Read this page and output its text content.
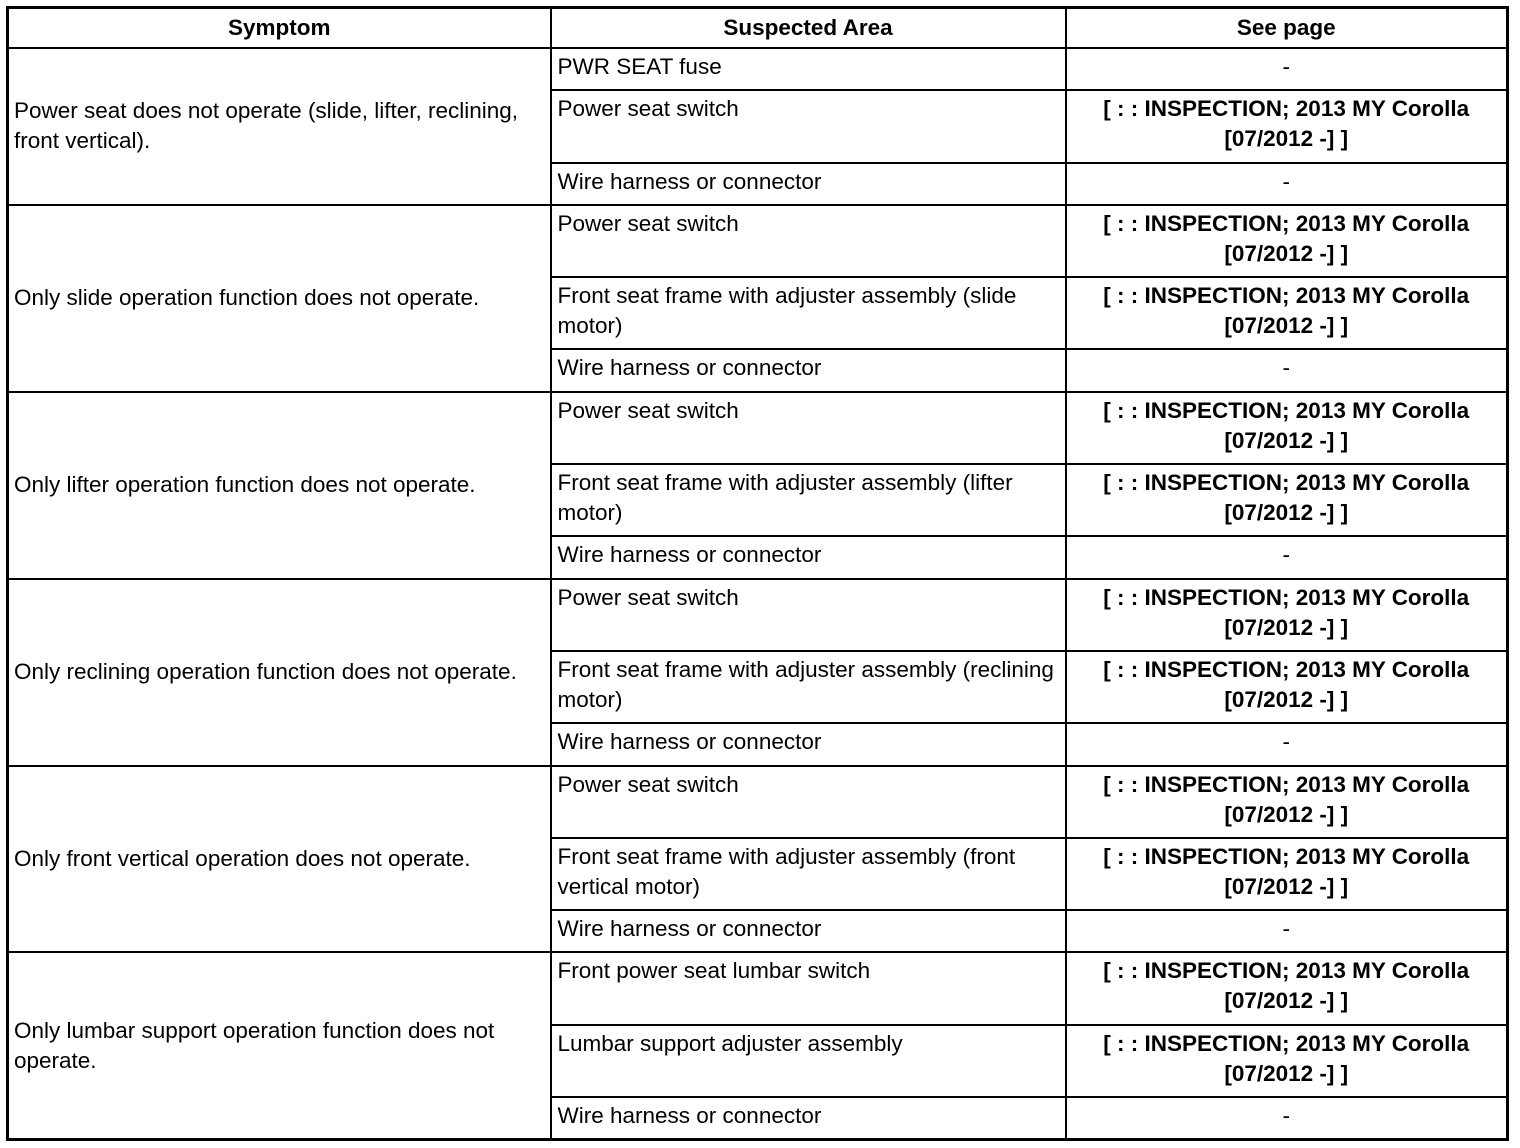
Symptom	Suspected Area	See page
Power seat does not operate (slide, lifter, reclining, front vertical).	PWR SEAT fuse	-
	Power seat switch	[ : : INSPECTION; 2013 MY Corolla [07/2012 -] ]
	Wire harness or connector	-
Only slide operation function does not operate.	Power seat switch	[ : : INSPECTION; 2013 MY Corolla [07/2012 -] ]
	Front seat frame with adjuster assembly (slide motor)	[ : : INSPECTION; 2013 MY Corolla [07/2012 -] ]
	Wire harness or connector	-
Only lifter operation function does not operate.	Power seat switch	[ : : INSPECTION; 2013 MY Corolla [07/2012 -] ]
	Front seat frame with adjuster assembly (lifter motor)	[ : : INSPECTION; 2013 MY Corolla [07/2012 -] ]
	Wire harness or connector	-
Only reclining operation function does not operate.	Power seat switch	[ : : INSPECTION; 2013 MY Corolla [07/2012 -] ]
	Front seat frame with adjuster assembly (reclining motor)	[ : : INSPECTION; 2013 MY Corolla [07/2012 -] ]
	Wire harness or connector	-
Only front vertical operation does not operate.	Power seat switch	[ : : INSPECTION; 2013 MY Corolla [07/2012 -] ]
	Front seat frame with adjuster assembly (front vertical motor)	[ : : INSPECTION; 2013 MY Corolla [07/2012 -] ]
	Wire harness or connector	-
Only lumbar support operation function does not operate.	Front power seat lumbar switch	[ : : INSPECTION; 2013 MY Corolla [07/2012 -] ]
	Lumbar support adjuster assembly	[ : : INSPECTION; 2013 MY Corolla [07/2012 -] ]
	Wire harness or connector	-
